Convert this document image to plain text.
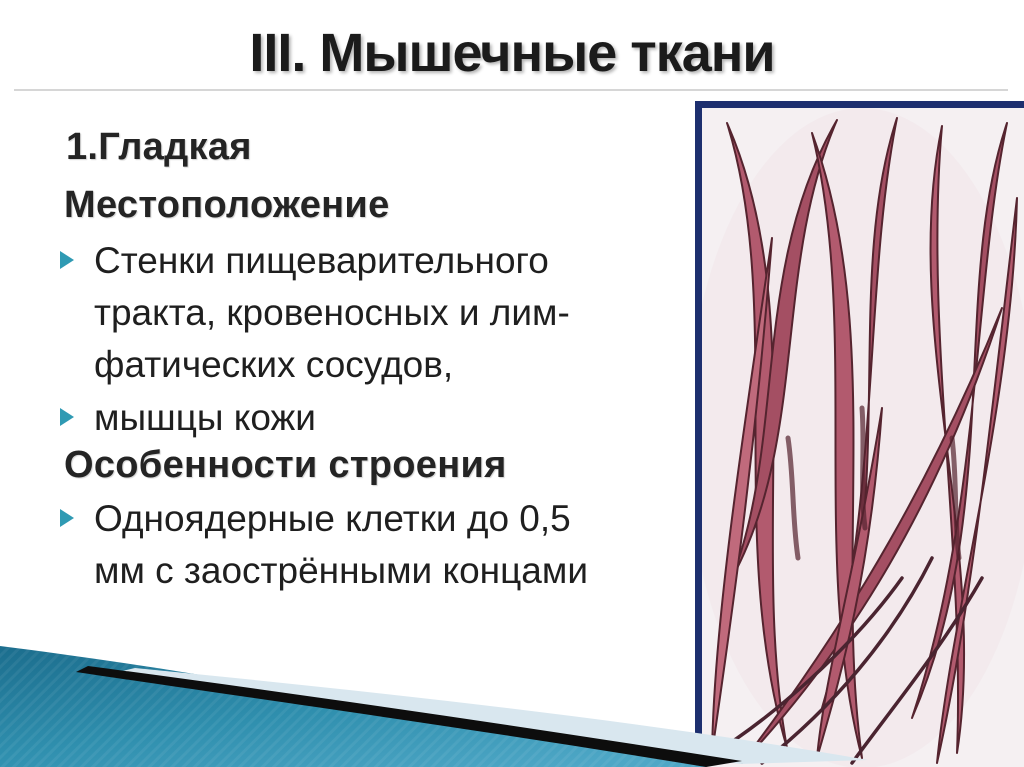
III. Мышечные ткани
1.Гладкая
Местоположение
Стенки пищеварительного
тракта, кровеносных и лим-
фатических сосудов,
мышцы кожи
Особенности строения
Одноядерные клетки до 0,5
мм с заострёнными концами
